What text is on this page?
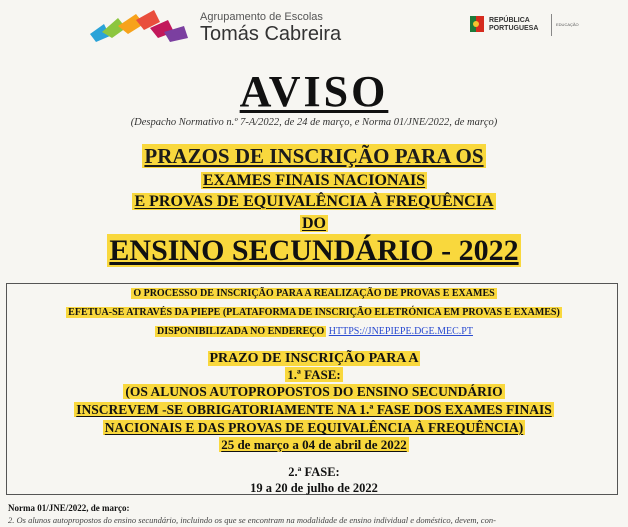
Agrupamento de Escolas
Tomás Cabreira
REPÚBLICA
PORTUGUESA
EDUCAÇÃO
AVISO
(Despacho Normativo n.º 7-A/2022, de 24 de março, e Norma 01/JNE/2022, de março)
PRAZOS DE INSCRIÇÃO PARA OS
EXAMES FINAIS NACIONAIS
E PROVAS DE EQUIVALÊNCIA À FREQUÊNCIA
DO
ENSINO SECUNDÁRIO - 2022
O PROCESSO DE INSCRIÇÃO PARA A REALIZAÇÃO DE PROVAS E EXAMES
EFETUA-SE ATRAVÉS DA PIEPE (PLATAFORMA DE INSCRIÇÃO ELETRÓNICA EM PROVAS E EXAMES)
DISPONIBILIZADA NO ENDEREÇO HTTPS://JNEPIEPE.DGE.MEC.PT
PRAZO DE INSCRIÇÃO PARA A
1.ª FASE:
(OS ALUNOS AUTOPROPOSTOS DO ENSINO SECUNDÁRIO
INSCREVEM -SE OBRIGATORIAMENTE NA 1.ª FASE DOS EXAMES FINAIS
NACIONAIS E DAS PROVAS DE EQUIVALÊNCIA À FREQUÊNCIA)
25 de março a 04 de abril de 2022
2.ª FASE:
19 a 20 de julho de 2022
Norma 01/JNE/2022, de março:
2. Os alunos autopropostos do ensino secundário, incluindo os que se encontram na modalidade de ensino individual e doméstico, devem, con-
